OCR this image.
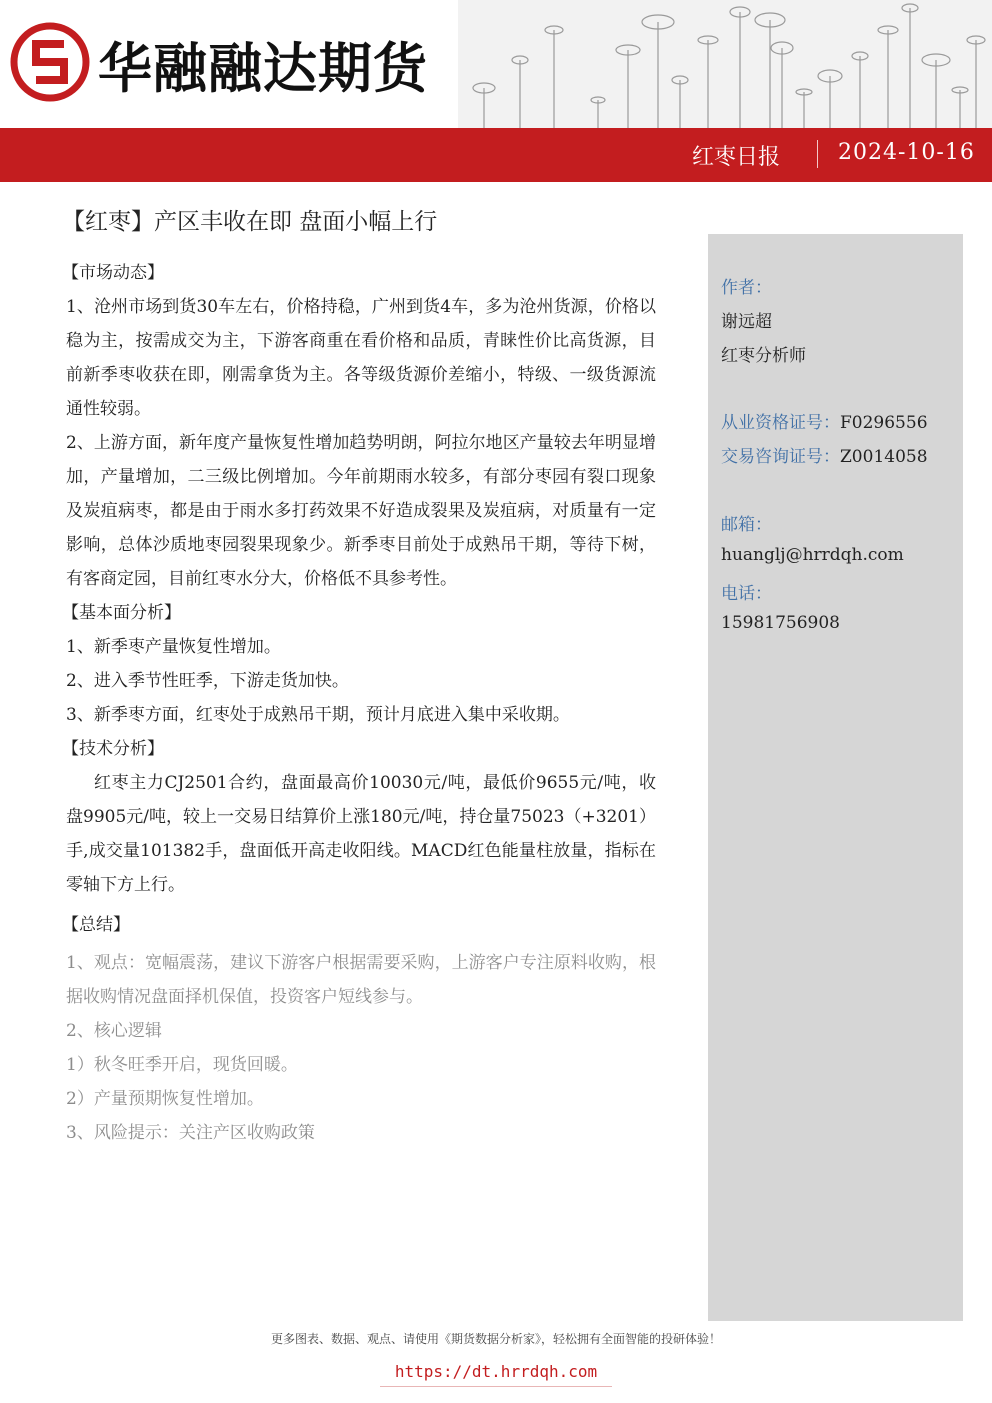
华融融达期货
红枣日报	2024-10-16
作者：
谢远超
红枣分析师
从业资格证号：F0296556
交易咨询证号：Z0014058
邮箱：
huanglj@hrrdqh.com
电话：
15981756908
【红枣】产区丰收在即 盘面小幅上行
【市场动态】

1、沧州市场到货30车左右，价格持稳，广州到货4车，多为沧州货源，价格以稳为主，按需成交为主，下游客商重在看价格和品质，青睐性价比高货源，目前新季枣收获在即，刚需拿货为主。各等级货源价差缩小，特级、一级货源流通性较弱。

2、上游方面，新年度产量恢复性增加趋势明朗，阿拉尔地区产量较去年明显增加，产量增加，二三级比例增加。今年前期雨水较多，有部分枣园有裂口现象及炭疽病枣，都是由于雨水多打药效果不好造成裂果及炭疽病，对质量有一定影响，总体沙质地枣园裂果现象少。新季枣目前处于成熟吊干期，等待下树，有客商定园，目前红枣水分大，价格低不具参考性。

【基本面分析】

1、新季枣产量恢复性增加。

2、进入季节性旺季，下游走货加快。

3、新季枣方面，红枣处于成熟吊干期，预计月底进入集中采收期。

【技术分析】

红枣主力CJ2501合约，盘面最高价10030元/吨，最低价9655元/吨，收盘9905元/吨，较上一交易日结算价上涨180元/吨，持仓量75023（+3201）手,成交量101382手，盘面低开高走收阳线。MACD红色能量柱放量，指标在零轴下方上行。

【总结】

1、观点：宽幅震荡，建议下游客户根据需要采购，上游客户专注原料收购，根据收购情况盘面择机保值，投资客户短线参与。

2、核心逻辑

1）秋冬旺季开启，现货回暖。

2）产量预期恢复性增加。

3、风险提示：关注产区收购政策

更多图表、数据、观点、请使用《期货数据分析家》，轻松拥有全面智能的投研体验！
https://dt.hrrdqh.com
